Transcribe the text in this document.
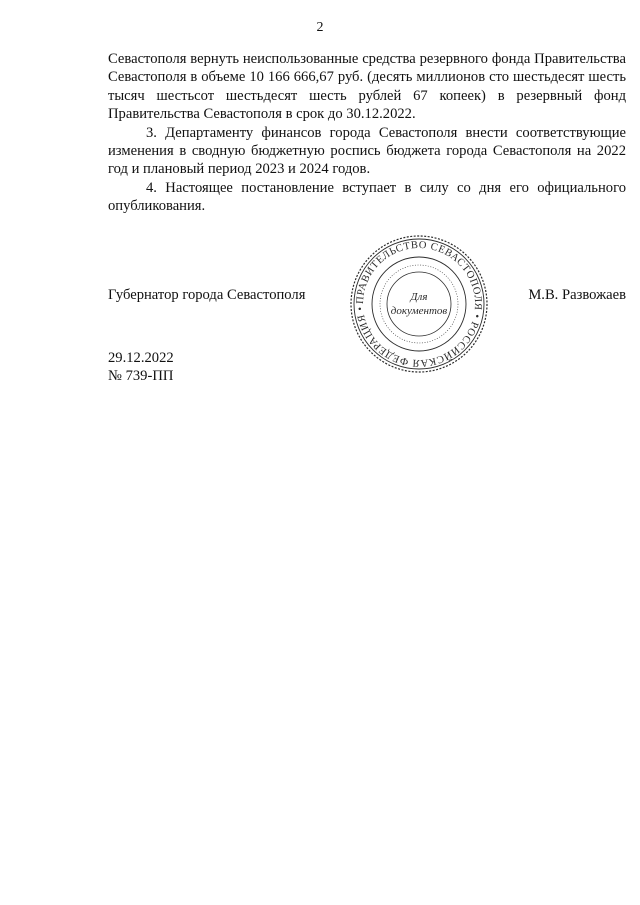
2

Севастополя вернуть неиспользованные средства резервного фонда Правительства Севастополя в объеме 10 166 666,67 руб. (десять миллионов сто шестьдесят шесть тысяч шестьсот шестьдесят шесть рублей 67 копеек) в резервный фонд Правительства Севастополя в срок до 30.12.2022.

3. Департаменту финансов города Севастополя внести соответствующие изменения в сводную бюджетную роспись бюджета города Севастополя на 2022 год и плановый период 2023 и 2024 годов.

4. Настоящее постановление вступает в силу со дня его официального опубликования.

Губернатор города Севастополя	М.В. Развожаев
ПРАВИТЕЛЬСТВО СЕВАСТОПОЛЯ • РОССИЙСКАЯ ФЕДЕРАЦИЯ •
Для
документов
29.12.2022
№ 739-ПП
